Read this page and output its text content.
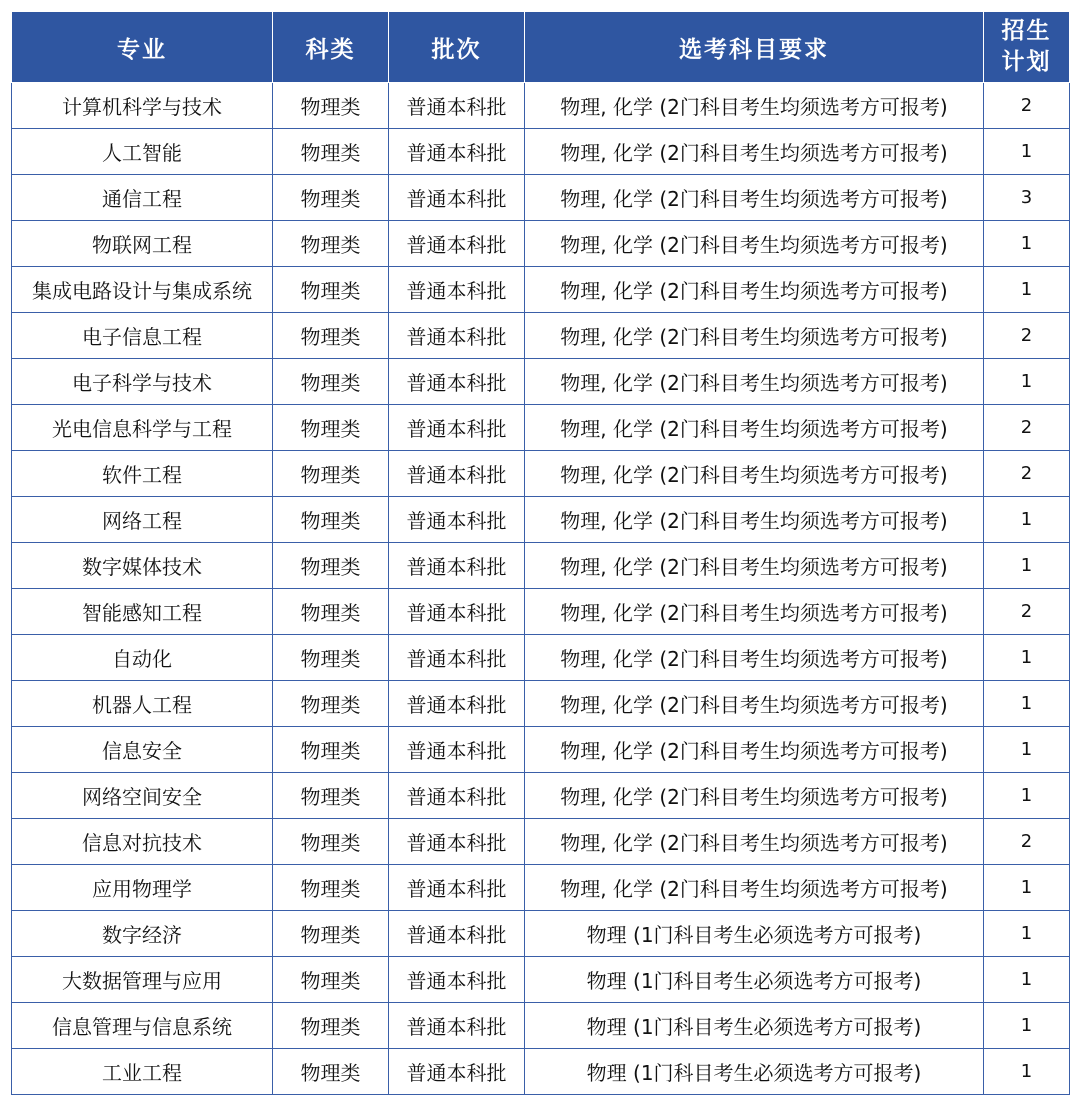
专业	科类	批次	选考科目要求	招生
计划
计算机科学与技术	物理类	普通本科批	物理, 化学 (2门科目考生均须选考方可报考)	2
人工智能	物理类	普通本科批	物理, 化学 (2门科目考生均须选考方可报考)	1
通信工程	物理类	普通本科批	物理, 化学 (2门科目考生均须选考方可报考)	3
物联网工程	物理类	普通本科批	物理, 化学 (2门科目考生均须选考方可报考)	1
集成电路设计与集成系统	物理类	普通本科批	物理, 化学 (2门科目考生均须选考方可报考)	1
电子信息工程	物理类	普通本科批	物理, 化学 (2门科目考生均须选考方可报考)	2
电子科学与技术	物理类	普通本科批	物理, 化学 (2门科目考生均须选考方可报考)	1
光电信息科学与工程	物理类	普通本科批	物理, 化学 (2门科目考生均须选考方可报考)	2
软件工程	物理类	普通本科批	物理, 化学 (2门科目考生均须选考方可报考)	2
网络工程	物理类	普通本科批	物理, 化学 (2门科目考生均须选考方可报考)	1
数字媒体技术	物理类	普通本科批	物理, 化学 (2门科目考生均须选考方可报考)	1
智能感知工程	物理类	普通本科批	物理, 化学 (2门科目考生均须选考方可报考)	2
自动化	物理类	普通本科批	物理, 化学 (2门科目考生均须选考方可报考)	1
机器人工程	物理类	普通本科批	物理, 化学 (2门科目考生均须选考方可报考)	1
信息安全	物理类	普通本科批	物理, 化学 (2门科目考生均须选考方可报考)	1
网络空间安全	物理类	普通本科批	物理, 化学 (2门科目考生均须选考方可报考)	1
信息对抗技术	物理类	普通本科批	物理, 化学 (2门科目考生均须选考方可报考)	2
应用物理学	物理类	普通本科批	物理, 化学 (2门科目考生均须选考方可报考)	1
数字经济	物理类	普通本科批	物理 (1门科目考生必须选考方可报考)	1
大数据管理与应用	物理类	普通本科批	物理 (1门科目考生必须选考方可报考)	1
信息管理与信息系统	物理类	普通本科批	物理 (1门科目考生必须选考方可报考)	1
工业工程	物理类	普通本科批	物理 (1门科目考生必须选考方可报考)	1
